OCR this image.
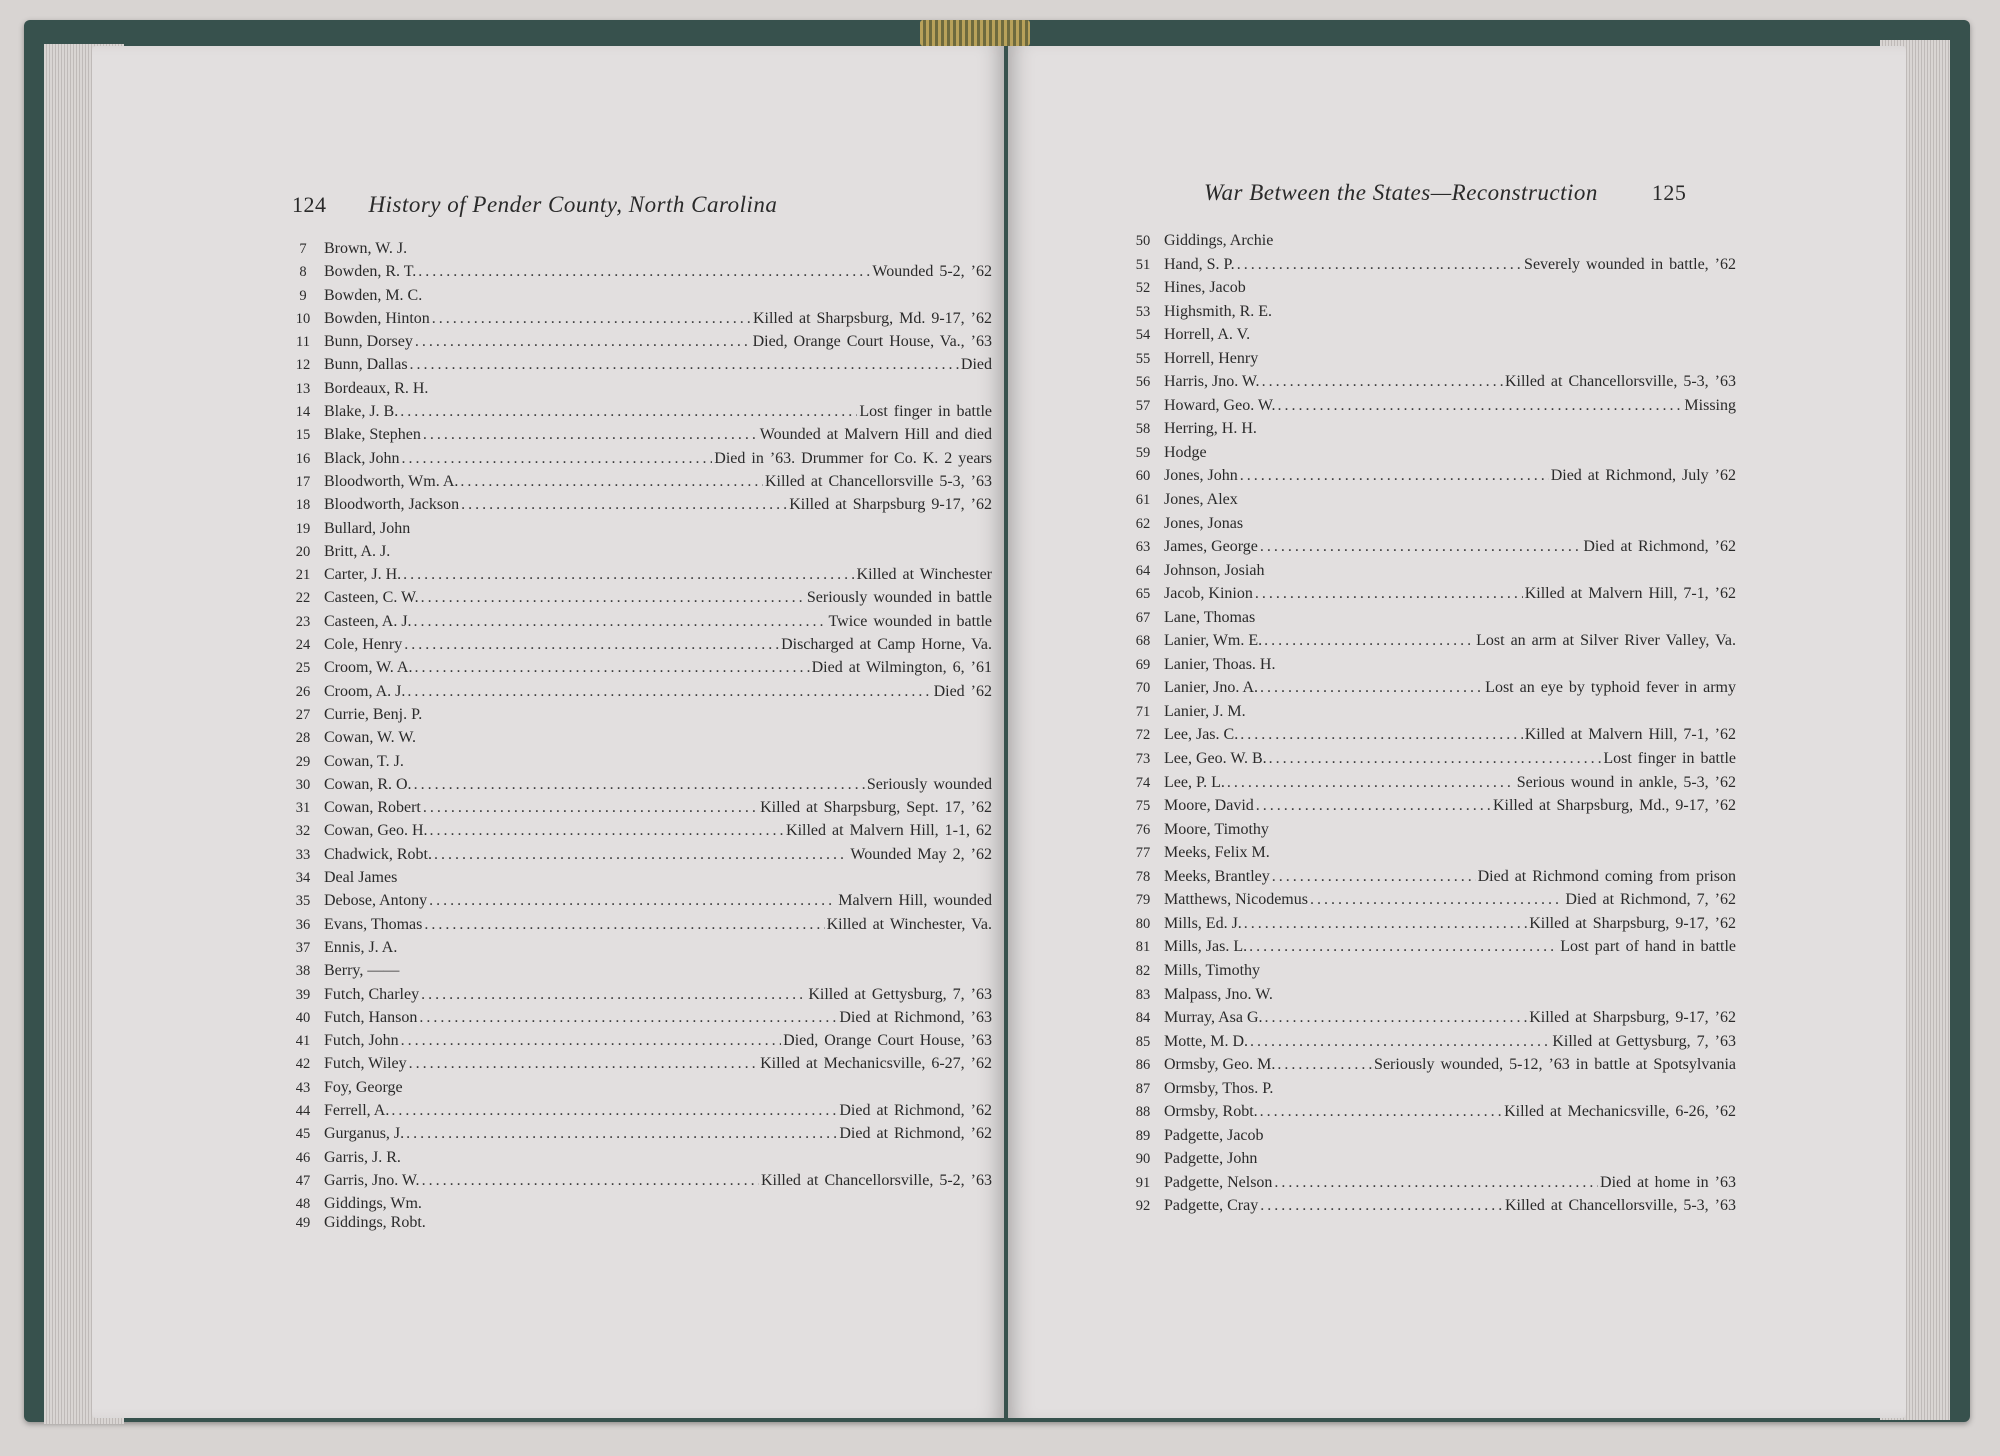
124 History of Pender County, North Carolina
7	Brown, W. J.
8	Bowden, R. T. .....	Wounded 5-2, ’62
9	Bowden, M. C.
10 Bowden, Hinton .....	Killed at Sharpsburg, Md. 9-17, ’62
11 Bunn, Dorsey .....	Died, Orange Court House, Va., ’63
12 Bunn, Dallas .....	Died
13 Bordeaux, R. H.
14 Blake, J. B. .....	Lost finger in battle
15 Blake, Stephen .....	Wounded at Malvern Hill and died
16 Black, John .....	Died in ’63. Drummer for Co. K. 2 years
17 Bloodworth, Wm. A. .....	Killed at Chancellorsville 5-3, ’63
18 Bloodworth, Jackson .....	Killed at Sharpsburg 9-17, ’62
19 Bullard, John
20 Britt, A. J.
21 Carter, J. H. .....	Killed at Winchester
22 Casteen, C. W. .....	Seriously wounded in battle
23 Casteen, A. J. .....	Twice wounded in battle
24 Cole, Henry .....	Discharged at Camp Horne, Va.
25 Croom, W. A. .....	Died at Wilmington, 6, ’61
26 Croom, A. J. .....	Died ’62
27 Currie, Benj. P.
28 Cowan, W. W.
29 Cowan, T. J.
30 Cowan, R. O. .....	Seriously wounded
31 Cowan, Robert .....	Killed at Sharpsburg, Sept. 17, ’62
32 Cowan, Geo. H. .....	Killed at Malvern Hill, 1-1, 62
33 Chadwick, Robt. .....	Wounded May 2, ’62
34 Deal James
35 Debose, Antony .....	Malvern Hill, wounded
36 Evans, Thomas .....	Killed at Winchester, Va.
37 Ennis, J. A.
38 Berry, ——
39 Futch, Charley .....	Killed at Gettysburg, 7, ’63
40 Futch, Hanson .....	Died at Richmond, ’63
41 Futch, John .....	Died, Orange Court House, ’63
42 Futch, Wiley .....	Killed at Mechanicsville, 6-27, ’62
43 Foy, George
44 Ferrell, A. .....	Died at Richmond, ’62
45 Gurganus, J. .....	Died at Richmond, ’62
46 Garris, J. R.
47 Garris, Jno. W. .....	Killed at Chancellorsville, 5-2, ’63
48 Giddings, Wm.
49 Giddings, Robt.
War Between the States—Reconstruction 125
50 Giddings, Archie
51 Hand, S. P. .....	Severely wounded in battle, ’62
52 Hines, Jacob
53 Highsmith, R. E.
54 Horrell, A. V.
55 Horrell, Henry
56 Harris, Jno. W. .....	Killed at Chancellorsville, 5-3, ’63
57 Howard, Geo. W. .....	Missing
58 Herring, H. H.
59 Hodge
60 Jones, John .....	Died at Richmond, July ’62
61 Jones, Alex
62 Jones, Jonas
63 James, George .....	Died at Richmond, ’62
64 Johnson, Josiah
65 Jacob, Kinion .....	Killed at Malvern Hill, 7-1, ’62
67 Lane, Thomas
68 Lanier, Wm. E. .....	Lost an arm at Silver River Valley, Va.
69 Lanier, Thoas. H.
70 Lanier, Jno. A. .....	Lost an eye by typhoid fever in army
71 Lanier, J. M.
72 Lee, Jas. C. .....	Killed at Malvern Hill, 7-1, ’62
73 Lee, Geo. W. B. .....	Lost finger in battle
74 Lee, P. L. .....	Serious wound in ankle, 5-3, ’62
75 Moore, David .....	Killed at Sharpsburg, Md., 9-17, ’62
76 Moore, Timothy
77 Meeks, Felix M.
78 Meeks, Brantley .....	Died at Richmond coming from prison
79 Matthews, Nicodemus .....	Died at Richmond, 7, ’62
80 Mills, Ed. J. .....	Killed at Sharpsburg, 9-17, ’62
81 Mills, Jas. L. .....	Lost part of hand in battle
82 Mills, Timothy
83 Malpass, Jno. W.
84 Murray, Asa G. .....	Killed at Sharpsburg, 9-17, ’62
85 Motte, M. D. .....	Killed at Gettysburg, 7, ’63
86 Ormsby, Geo. M. .....	Seriously wounded, 5-12, ’63 in battle at Spotsylvania
87 Ormsby, Thos. P.
88 Ormsby, Robt. .....	Killed at Mechanicsville, 6-26, ’62
89 Padgette, Jacob
90 Padgette, John
91 Padgette, Nelson .....	Died at home in ’63
92 Padgette, Cray .....	Killed at Chancellorsville, 5-3, ’63
